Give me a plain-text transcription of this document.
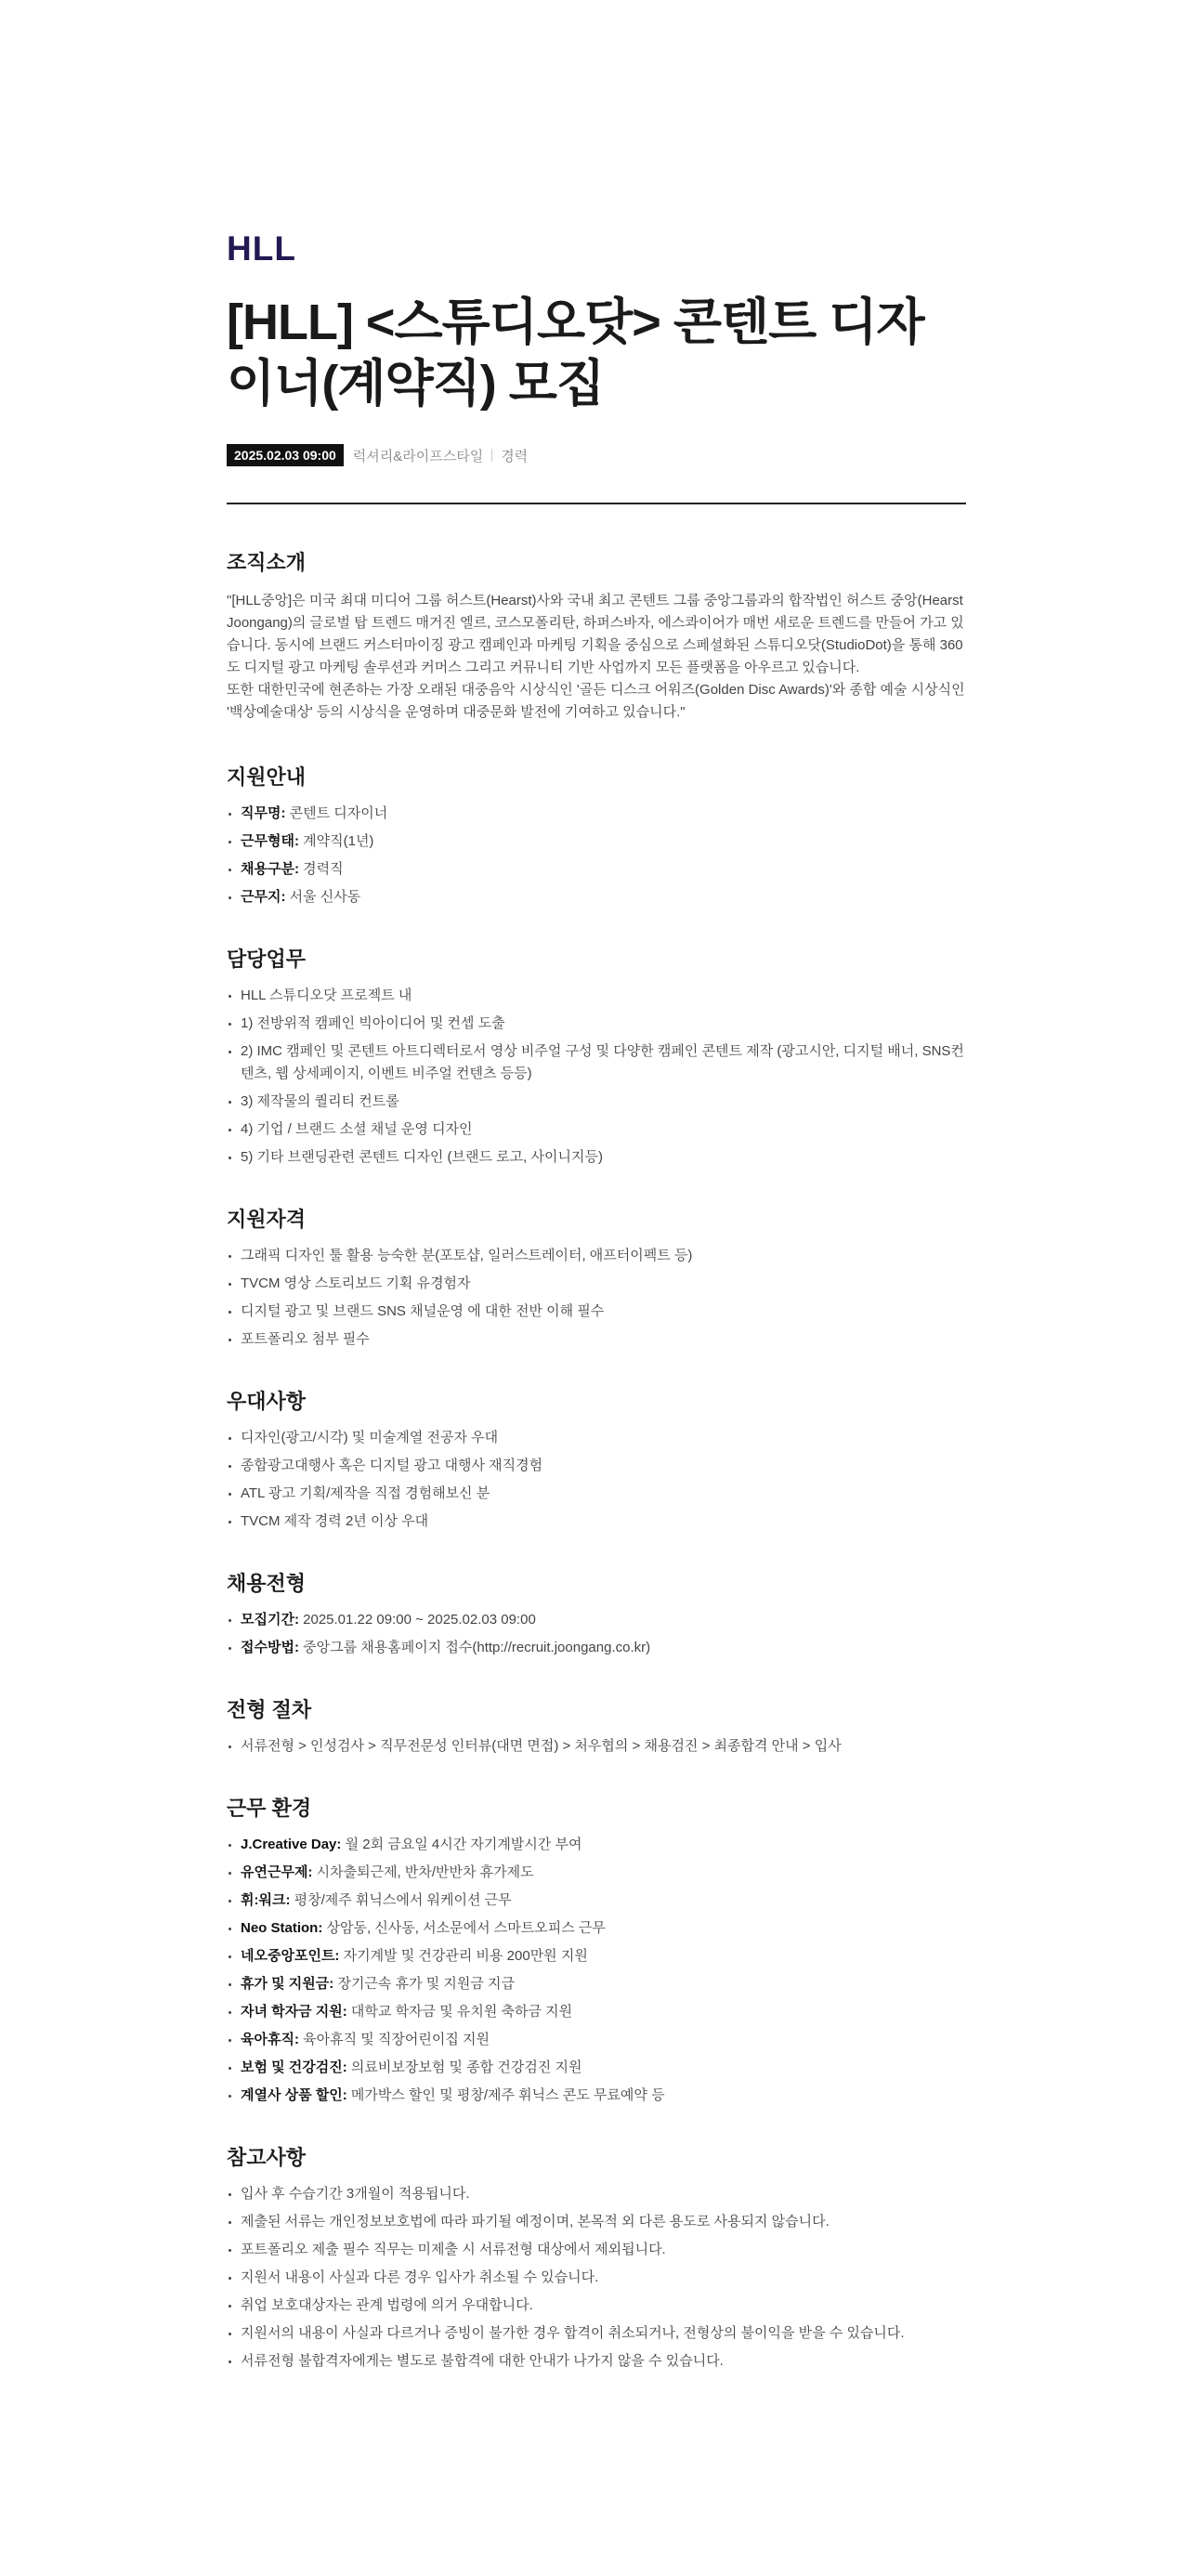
HLL
[HLL] <스튜디오닷> 콘텐트 디자이너(계약직) 모집
2025.02.03 09:00	럭셔리&라이프스타일 경력
조직소개

"[HLL중앙]은 미국 최대 미디어 그룹 허스트(Hearst)사와 국내 최고 콘텐트 그룹 중앙그룹과의 합작법인 허스트 중앙(Hearst Joongang)의 글로벌 탑 트렌드 매거진 엘르, 코스모폴리탄, 하퍼스바자, 에스콰이어가 매번 새로운 트렌드를 만들어 가고 있습니다. 동시에 브랜드 커스터마이징 광고 캠페인과 마케팅 기획을 중심으로 스페셜화된 스튜디오닷(StudioDot)을 통해 360도 디지털 광고 마케팅 솔루션과 커머스 그리고 커뮤니티 기반 사업까지 모든 플랫폼을 아우르고 있습니다.

또한 대한민국에 현존하는 가장 오래된 대중음악 시상식인 '골든 디스크 어워즈(Golden Disc Awards)'와 종합 예술 시상식인 '백상예술대상' 등의 시상식을 운영하며 대중문화 발전에 기여하고 있습니다."

지원안내
직무명: 콘텐트 디자이너
근무형태: 계약직(1년)
채용구분: 경력직
근무지: 서울 신사동
담당업무
HLL 스튜디오닷 프로젝트 내
1) 전방위적 캠페인 빅아이디어 및 컨셉 도출
2) IMC 캠페인 및 콘텐트 아트디렉터로서 영상 비주얼 구성 및 다양한 캠페인 콘텐트 제작 (광고시안, 디지털 배너, SNS컨텐츠, 웹 상세페이지, 이벤트 비주얼 컨텐츠 등등)
3) 제작물의 퀄리티 컨트롤
4) 기업 / 브랜드 소셜 채널 운영 디자인
5) 기타 브랜딩관련 콘텐트 디자인 (브랜드 로고, 사이니지등)
지원자격
그래픽 디자인 툴 활용 능숙한 분(포토샵, 일러스트레이터, 애프터이펙트 등)
TVCM 영상 스토리보드 기획 유경험자
디지털 광고 및 브랜드 SNS 채널운영 에 대한 전반 이해 필수
포트폴리오 첨부 필수
우대사항
디자인(광고/시각) 및 미술계열 전공자 우대
종합광고대행사 혹은 디지털 광고 대행사 재직경험
ATL 광고 기획/제작을 직접 경험해보신 분
TVCM 제작 경력 2년 이상 우대
채용전형
모집기간: 2025.01.22 09:00 ~ 2025.02.03 09:00
접수방법: 중앙그룹 채용홈페이지 접수(http://recruit.joongang.co.kr)
전형 절차
서류전형 > 인성검사 > 직무전문성 인터뷰(대면 면접) > 처우협의 > 채용검진 > 최종합격 안내 > 입사
근무 환경
J.Creative Day: 월 2회 금요일 4시간 자기계발시간 부여
유연근무제: 시차출퇴근제, 반차/반반차 휴가제도
휘:워크: 평창/제주 휘닉스에서 워케이션 근무
Neo Station: 상암동, 신사동, 서소문에서 스마트오피스 근무
네오중앙포인트: 자기계발 및 건강관리 비용 200만원 지원
휴가 및 지원금: 장기근속 휴가 및 지원금 지급
자녀 학자금 지원: 대학교 학자금 및 유치원 축하금 지원
육아휴직: 육아휴직 및 직장어린이집 지원
보험 및 건강검진: 의료비보장보험 및 종합 건강검진 지원
계열사 상품 할인: 메가박스 할인 및 평창/제주 휘닉스 콘도 무료예약 등
참고사항
입사 후 수습기간 3개월이 적용됩니다.
제출된 서류는 개인정보보호법에 따라 파기될 예정이며, 본목적 외 다른 용도로 사용되지 않습니다.
포트폴리오 제출 필수 직무는 미제출 시 서류전형 대상에서 제외됩니다.
지원서 내용이 사실과 다른 경우 입사가 취소될 수 있습니다.
취업 보호대상자는 관계 법령에 의거 우대합니다.
지원서의 내용이 사실과 다르거나 증빙이 불가한 경우 합격이 취소되거나, 전형상의 불이익을 받을 수 있습니다.
서류전형 불합격자에게는 별도로 불합격에 대한 안내가 나가지 않을 수 있습니다.
